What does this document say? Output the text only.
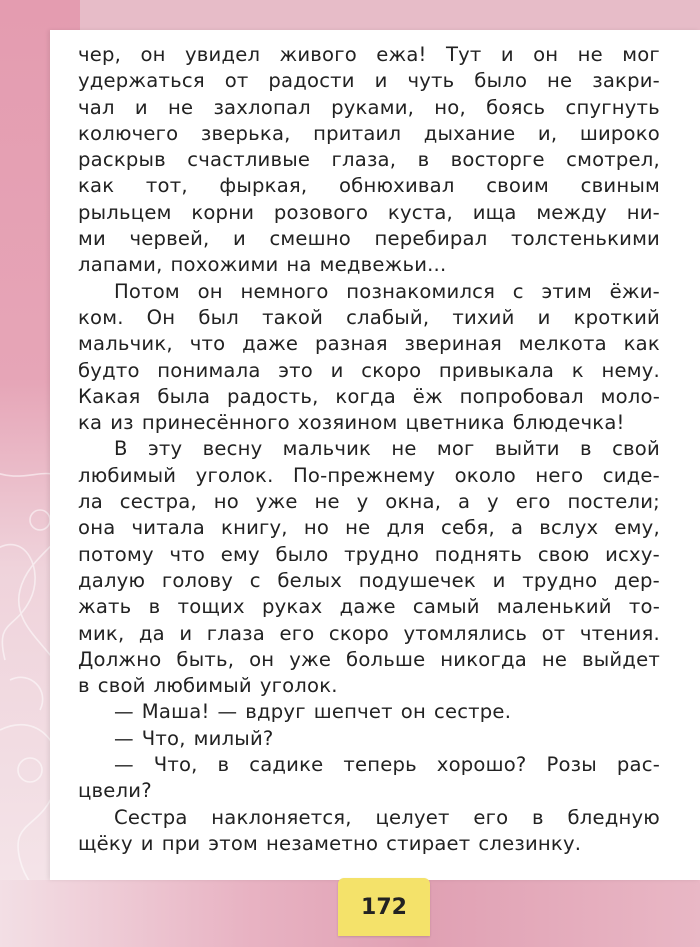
чер, он увидел живого ежа! Тут и он не мог
удержаться от радости и чуть было не закри-
чал и не захлопал руками, но, боясь спугнуть
колючего зверька, притаил дыхание и, широко
раскрыв счастливые глаза, в восторге смотрел,
как тот, фыркая, обнюхивал своим свиным
рыльцем корни розового куста, ища между ни-
ми червей, и смешно перебирал толстенькими
лапами, похожими на медвежьи...
Потом он немного познакомился с этим ёжи-
ком. Он был такой слабый, тихий и кроткий
мальчик, что даже разная звериная мелкота как
будто понимала это и скоро привыкала к нему.
Какая была радость, когда ёж попробовал моло-
ка из принесённого хозяином цветника блюдечка!
В эту весну мальчик не мог выйти в свой
любимый уголок. По-прежнему около него сиде-
ла сестра, но уже не у окна, а у его постели;
она читала книгу, но не для себя, а вслух ему,
потому что ему было трудно поднять свою исху-
далую голову с белых подушечек и трудно дер-
жать в тощих руках даже самый маленький то-
мик, да и глаза его скоро утомлялись от чтения.
Должно быть, он уже больше никогда не выйдет
в свой любимый уголок.
— Маша! — вдруг шепчет он сестре.
— Что, милый?
— Что, в садике теперь хорошо? Розы рас-
цвели?
Сестра наклоняется, целует его в бледную
щёку и при этом незаметно стирает слезинку.
172
